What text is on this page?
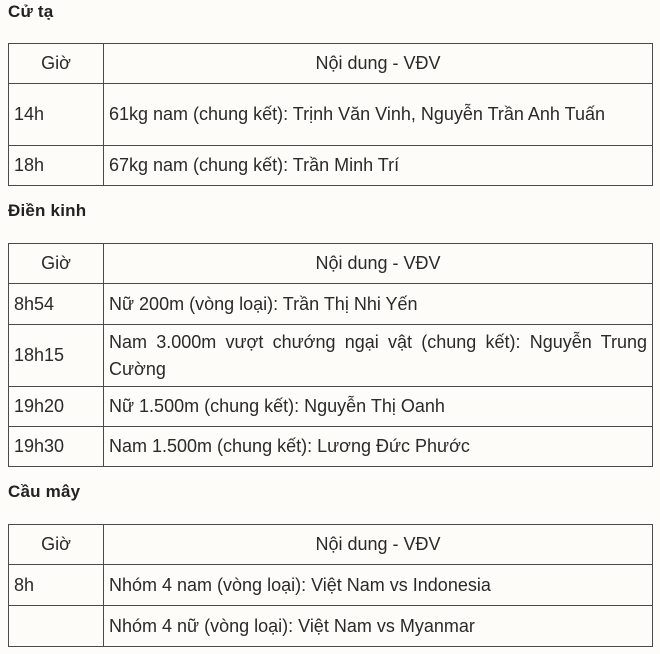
Cử tạ
Giờ	Nội dung - VĐV
14h	61kg nam (chung kết): Trịnh Văn Vinh, Nguyễn Trần Anh Tuấn
18h	67kg nam (chung kết): Trần Minh Trí
Điền kinh
Giờ	Nội dung - VĐV
8h54	Nữ 200m (vòng loại): Trần Thị Nhi Yến
18h15	Nam 3.000m vượt chướng ngại vật (chung kết): Nguyễn Trung Cường
19h20	Nữ 1.500m (chung kết): Nguyễn Thị Oanh
19h30	Nam 1.500m (chung kết): Lương Đức Phước
Cầu mây
Giờ	Nội dung - VĐV
8h	Nhóm 4 nam (vòng loại): Việt Nam vs Indonesia
	Nhóm 4 nữ (vòng loại): Việt Nam vs Myanmar
